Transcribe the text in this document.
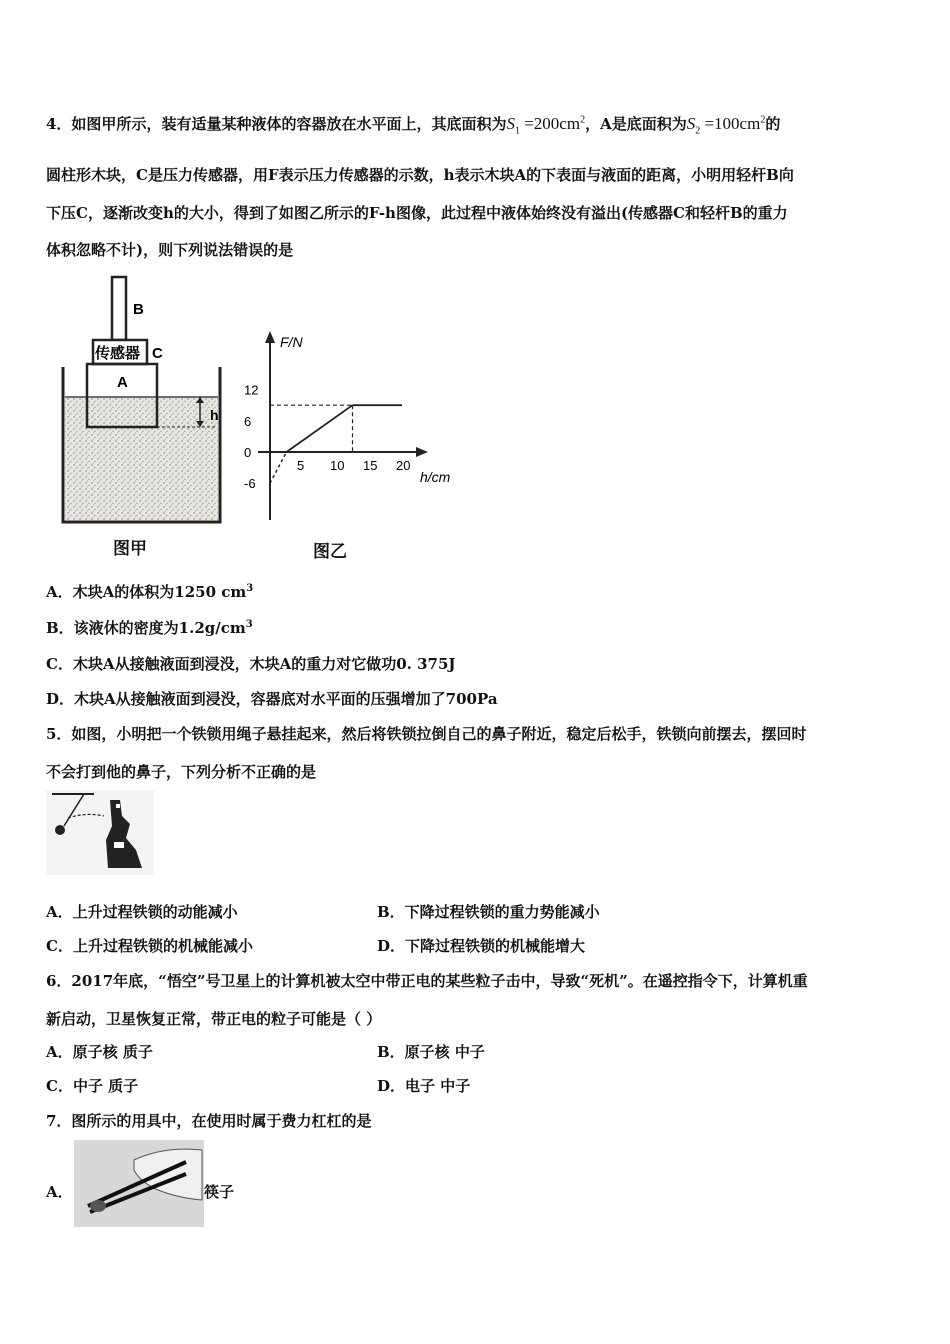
4．如图甲所示，装有适量某种液体的容器放在水平面上，其底面积为$S_1 =200cm^2$，A是底面积为$S_2 =100cm^2$的
圆柱形木块，C是压力传感器，用F表示压力传感器的示数，h表示木块A的下表面与液面的距离，小明用轻杆B向
下压C，逐渐改变h的大小，得到了如图乙所示的F-h图像，此过程中液体始终没有溢出(传感器C和轻杆B的重力
体积忽略不计)，则下列说法错误的是
B
传感器 C
A
h
图甲
F/N
h/cm
5 10 15 20
12
6
0
-6
图乙
A．木块A的体积为1250 $cm^3$
B．该液休的密度为$1.2g/cm^3$
C．木块A从接触液面到浸没，木块A的重力对它做功0. 375J
D．木块A从接触液面到浸没，容器底对水平面的压强增加了700Pa
5．如图，小明把一个铁锁用绳子悬挂起来，然后将铁锁拉倒自己的鼻子附近，稳定后松手，铁锁向前摆去，摆回时
不会打到他的鼻子，下列分析不正确的是
A．上升过程铁锁的动能减小	B．下降过程铁锁的重力势能减小
C．上升过程铁锁的机械能减小	D．下降过程铁锁的机械能增大
6．2017年底，“悟空”号卫星上的计算机被太空中带正电的某些粒子击中，导致“死机”。在遥控指令下，计算机重
新启动，卫星恢复正常，带正电的粒子可能是（ ）
A．原子核 质子	B．原子核 中子
C．中子 质子	D．电子 中子
7．图所示的用具中，在使用时属于费力杠杠的是
A．	筷子
